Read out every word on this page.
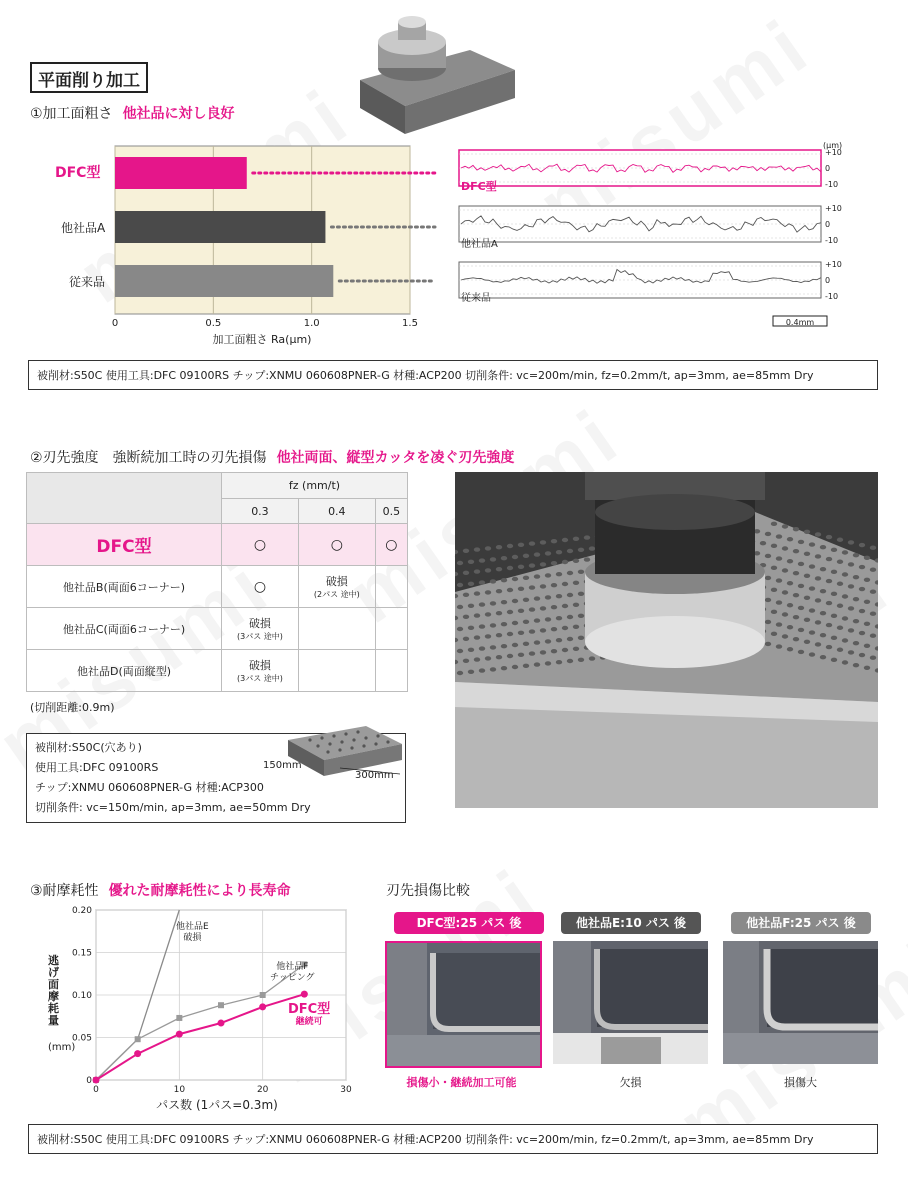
平面削り加工
①加工面粗さ 他社品に対し良好
0	0.5	1.0	1.5
加工面粗さ Ra(μm)
DFC型
他社品A
従来品
(μm)
+10
0
-10
+10
0
-10
+10
0
-10
0.4mm
DFC型
他社品A
従来品
被削材:S50C 使用工具:DFC 09100RS チップ:XNMU 060608PNER-G 材種:ACP200 切削条件: vc=200m/min, fz=0.2mm/t, ap=3mm, ae=85mm Dry
②刃先強度　強断続加工時の刃先損傷 他社両面、縦型カッタを凌ぐ刃先強度
	fz (mm/t)		
	0.3	0.4	0.5
DFC型	○	○	○

他社品B(両面6コーナー)	○	破損
(2パス 途中)	

他社品C(両面6コーナー)	破損
(3パス 途中)		

他社品D(両面縦型)	破損
(3パス 途中)		

(切削距離:0.9m)
被削材:S50C(穴あり)
使用工具:DFC 09100RS
チップ:XNMU 060608PNER-G 材種:ACP300
切削条件: vc=150m/min, ap=3mm, ae=50mm Dry
150mm
300mm
③耐摩耗性 優れた耐摩耗性により長寿命
0
0.05
0.10
0.15
0.20
0	10	20	30
パス数 (1パス=0.3m)
(mm)
逃げ面摩耗量
他社品E
破損
他社品F
チッピング
DFC型
継続可
刃先損傷比較
DFC型:25 パス 後	他社品E:10 パス 後	他社品F:25 パス 後
損傷小・継続加工可能	欠損	損傷大
被削材:S50C 使用工具:DFC 09100RS チップ:XNMU 060608PNER-G 材種:ACP200 切削条件: vc=200m/min, fz=0.2mm/t, ap=3mm, ae=85mm Dry
